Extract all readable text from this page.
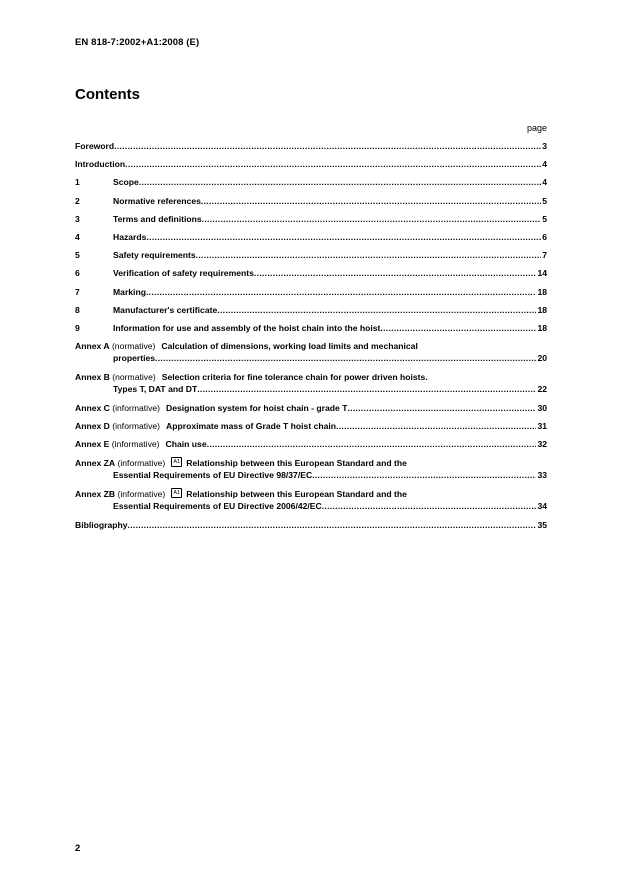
EN 818-7:2002+A1:2008 (E)
Contents
page
Foreword .....	3
Introduction .....	4
1	Scope .....	4
2	Normative references .....	5
3	Terms and definitions .....	5
4	Hazards .....	6
5	Safety requirements .....	7
6	Verification of safety requirements .....	14
7	Marking .....	18
8	Manufacturer's certificate .....	18
9	Information for use and assembly of the hoist chain into the hoist .....	18
Annex A
(normative) Calculation of dimensions, working load limits and mechanical
properties .....	20
Annex B
(normative) Selection criteria for fine tolerance chain for power driven hoists.
Types T, DAT and DT .....	22
Annex C (informative) Designation system for hoist chain - grade T .....	30
Annex D (informative) Approximate mass of Grade T hoist chain .....	31
Annex E (informative) Chain use .....	32
Annex ZA
(informative)	A1 Relationship between this European Standard and the
Essential Requirements of EU Directive 98/37/EC .....	33
Annex ZB
(informative)	A1 Relationship between this European Standard and the
Essential Requirements of EU Directive 2006/42/EC .....	34
Bibliography .....	35
2
